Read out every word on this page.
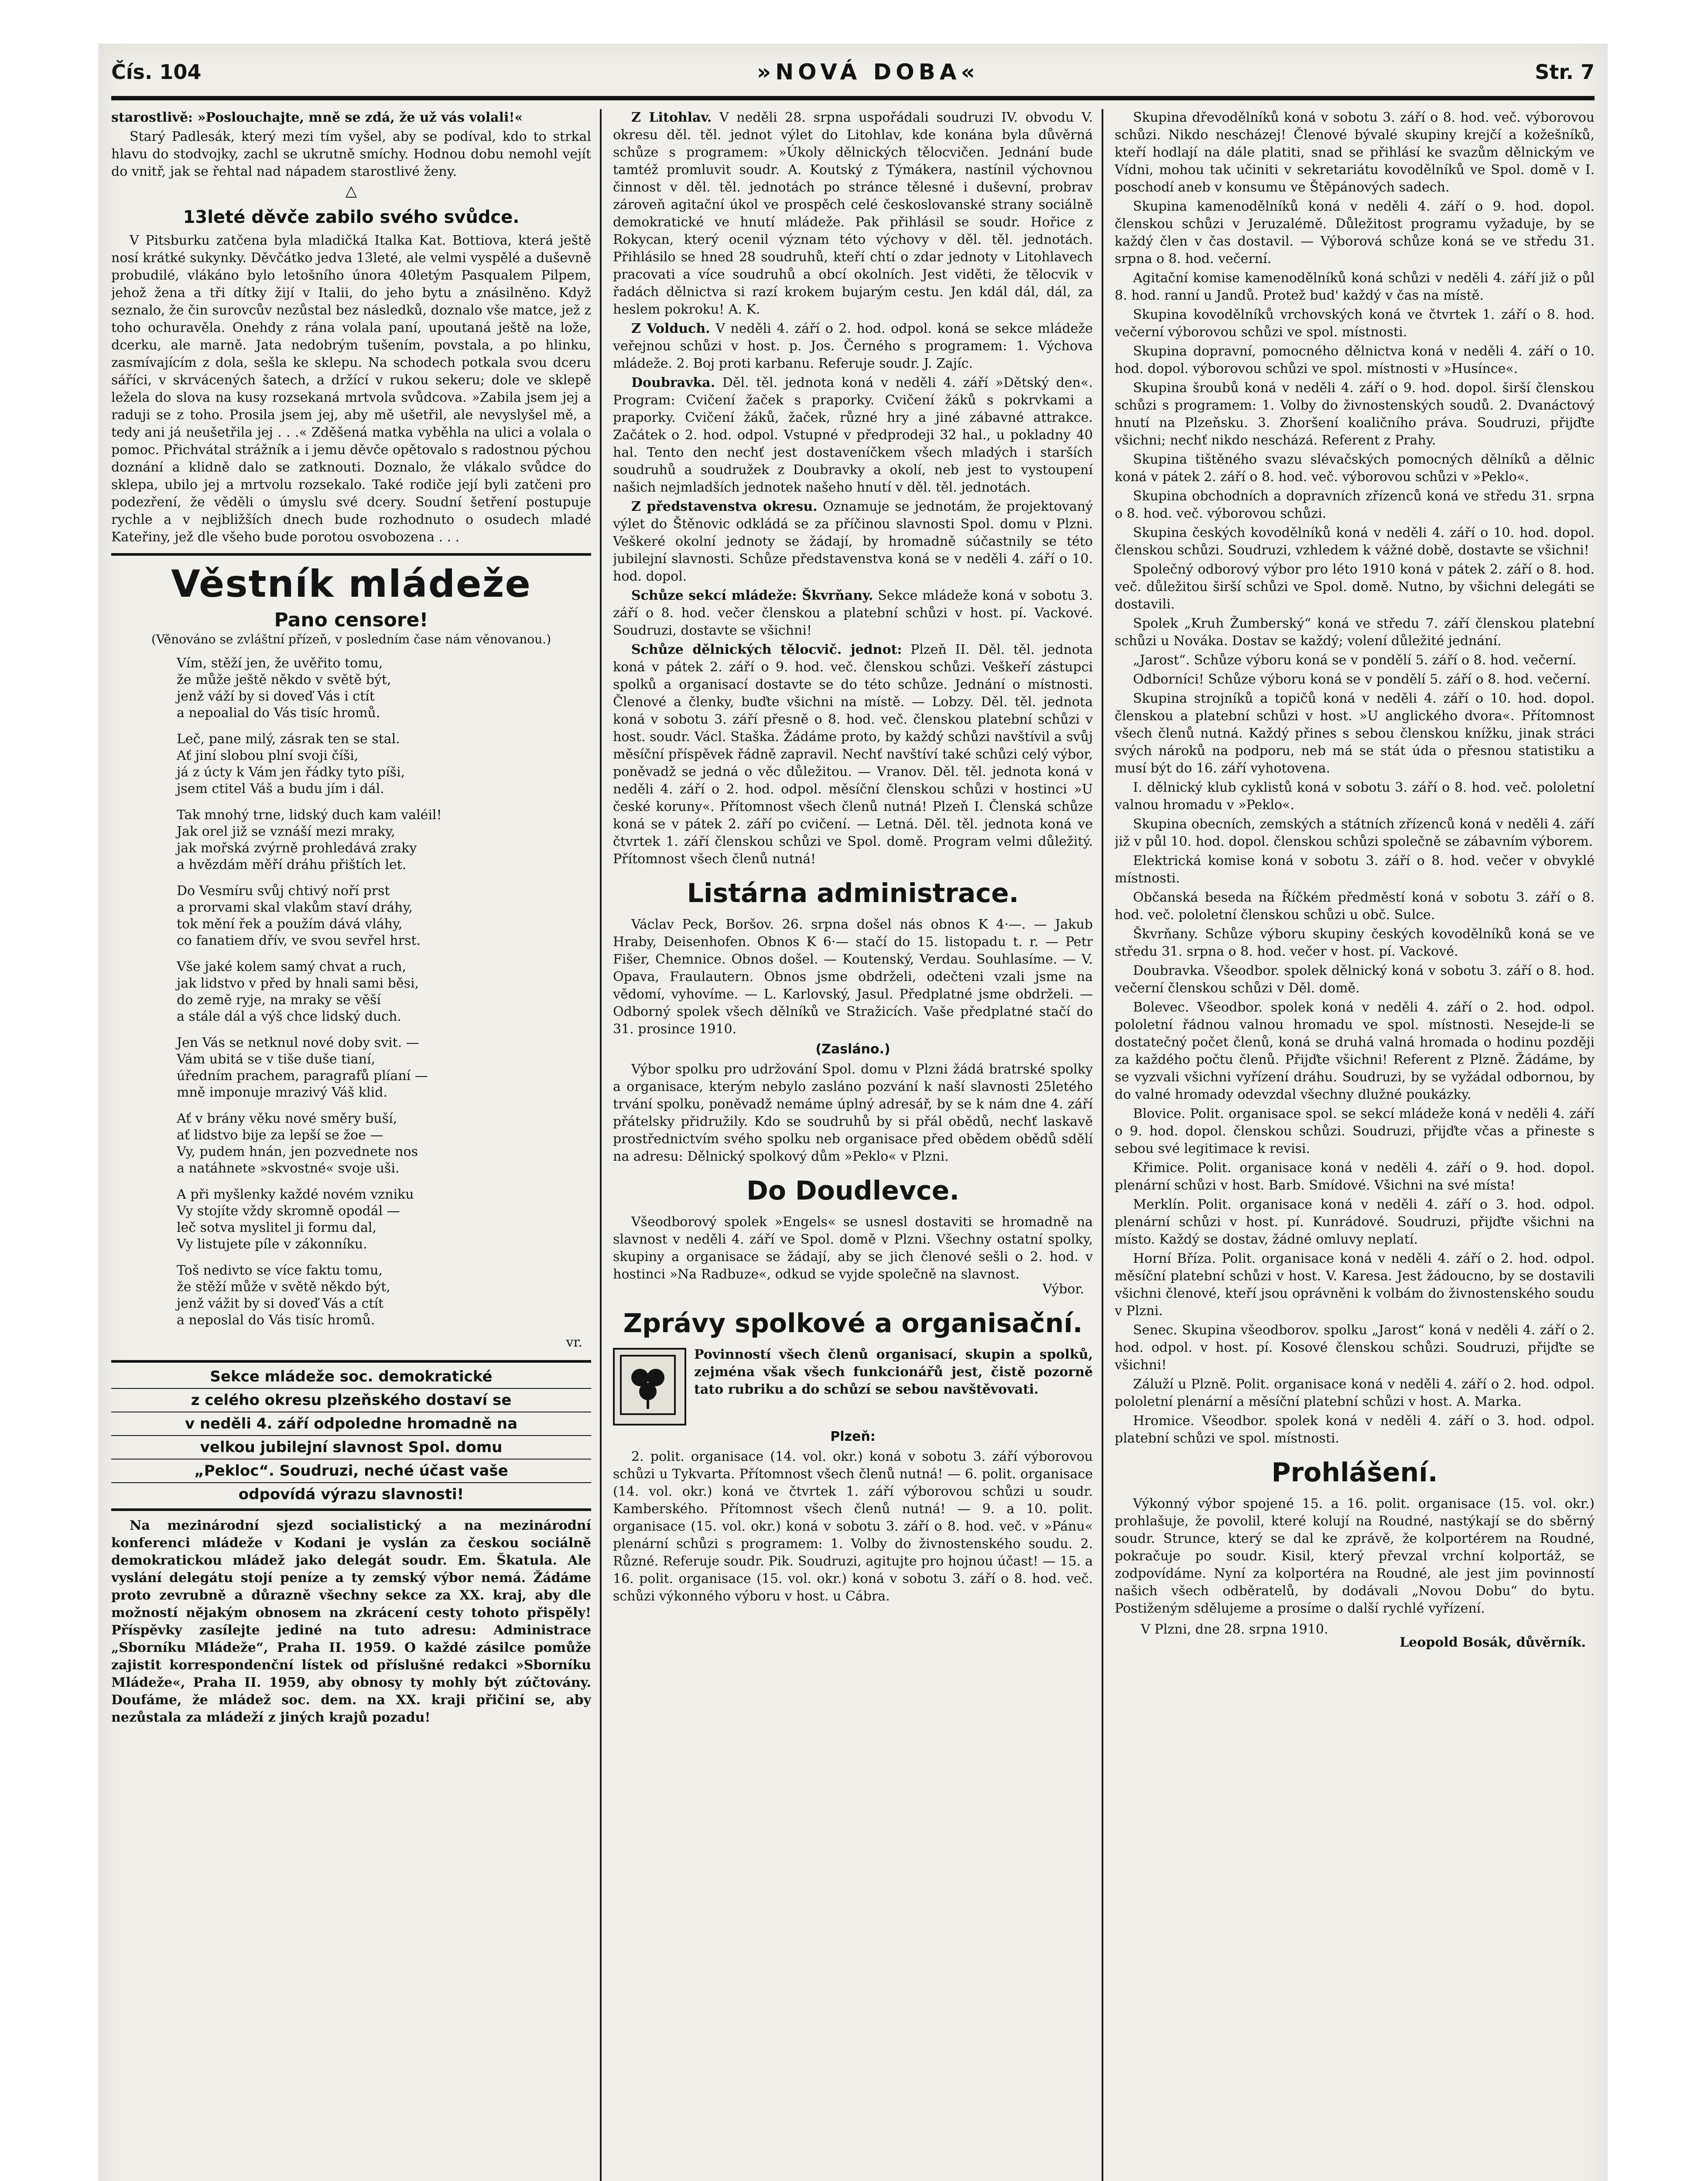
Čís. 104	»NOVÁ DOBA«	Str. 7

starostlivě: »Poslouchajte, mně se zdá, že už vás volali!«

Starý Padlesák, který mezi tím vyšel, aby se podíval, kdo to strkal hlavu do stodvojky, zachl se ukrutně smíchy. Hodnou dobu nemohl vejít do vnitř, jak se řehtal nad nápadem starostlivé ženy.

△
13leté děvče zabilo svého svůdce.

V Pitsburku zatčena byla mladičká Italka Kat. Bottiova, která ještě nosí krátké sukynky. Děvčátko jedva 13leté, ale velmi vyspělé a duševně probudilé, vlákáno bylo letošního února 40letým Pasqualem Pilpem, jehož žena a tři dítky žijí v Italii, do jeho bytu a znásilněno. Když seznalo, že čin surovcův nezůstal bez následků, doznalo vše matce, jež z toho ochuravěla. Onehdy z rána volala paní, upoutaná ještě na lože, dcerku, ale marně. Jata nedobrým tušením, povstala, a po hlinku, zasmívajícím z dola, sešla ke sklepu. Na schodech potkala svou dceru sáříci, v skrvácených šatech, a držící v rukou sekeru; dole ve sklepě ležela do slova na kusy rozsekaná mrtvola svůdcova. »Zabila jsem jej a raduji se z toho. Prosila jsem jej, aby mě ušetřil, ale nevyslyšel mě, a tedy ani já neušetřila jej . . .« Zděšená matka vyběhla na ulici a volala o pomoc. Přichvátal strážník a i jemu děvče opětovalo s radostnou pýchou doznání a klidně dalo se zatknouti. Doznalo, že vlákalo svůdce do sklepa, ubilo jej a mrtvolu rozsekalo. Také rodiče její byli zatčeni pro podezření, že věděli o úmyslu své dcery. Soudní šetření postupuje rychle a v nejbližších dnech bude rozhodnuto o osudech mladé Kateřiny, jež dle všeho bude porotou osvobozena . . .

Věstník mládeže
Pano censore!
(Věnováno se zvláštní přízeň, v posledním čase nám věnovanou.)
Vím, stěží jen, že uvěřito tomu,
že může ještě někdo v světě být,
jenž váží by si doveď Vás i ctít
a nepoalial do Vás tisíc hromů.
Leč, pane milý, zásrak ten se stal.
Ať jiní slobou plní svoji číši,
já z úcty k Vám jen řádky tyto píši,
jsem ctitel Váš a budu jím i dál.
Tak mnohý trne, lidský duch kam valéil!
Jak orel již se vznáší mezi mraky,
jak mořská zvýrně prohledává zraky
a hvězdám měří dráhu přištích let.
Do Vesmíru svůj chtivý noří prst
a prorvami skal vlakům staví dráhy,
tok mění řek a použím dává vláhy,
co fanatiem dřív, ve svou sevřel hrst.
Vše jaké kolem samý chvat a ruch,
jak lidstvo v před by hnali sami běsi,
do země ryje, na mraky se věší
a stále dál a výš chce lidský duch.
Jen Vás se netknul nové doby svit. —
Vám ubitá se v tiše duše tianí,
úředním prachem, paragrafů plíaní —
mně imponuje mrazivý Váš klid.
Ať v brány věku nové směry buší,
ať lidstvo bije za lepší se žoe —
Vy, pudem hnán, jen pozvednete nos
a natáhnete »skvostné« svoje uši.
A při myšlenky každé novém vzniku
Vy stojíte vždy skromně opodál —
leč sotva myslitel ji formu dal,
Vy listujete píle v zákonníku.
Toš nedivto se více faktu tomu,
že stěží může v světě někdo být,
jenž vážit by si doveď Vás a ctít
a neposlal do Vás tisíc hromů.
vr.
Sekce mládeže soc. demokratické
z celého okresu plzeňského dostaví se
v neděli 4. září odpoledne hromadně na
velkou jubilejní slavnost Spol. domu
„Pekloc“. Soudruzi, neché účast vaše
odpovídá výrazu slavnosti!

Na mezinárodní sjezd socialistický a na mezinárodní konferenci mládeže v Kodani je vyslán za českou sociálně demokratickou mládež jako delegát soudr. Em. Škatula. Ale vyslání delegátu stojí peníze a ty zemský výbor nemá. Žádáme proto zevrubně a důrazně všechny sekce za XX. kraj, aby dle možností nějakým obnosem na zkrácení cesty tohoto přispěly! Příspěvky zasílejte jediné na tuto adresu: Administrace „Sborníku Mládeže“, Praha II. 1959. O každé zásilce pomůže zajistit korrespondenční lístek od příslušné redakci »Sborníku Mládeže«, Praha II. 1959, aby obnosy ty mohly být zúčtovány. Doufáme, že mládež soc. dem. na XX. kraji přičiní se, aby nezůstala za mládeží z jiných krajů pozadu!

Z Litohlav. V neděli 28. srpna uspořádali soudruzi IV. obvodu V. okresu děl. těl. jednot výlet do Litohlav, kde konána byla důvěrná schůze s programem: »Úkoly dělnických tělocvičen. Jednání bude tamtéž promluvit soudr. A. Koutský z Týmákera, nastínil výchovnou činnost v děl. těl. jednotách po stránce tělesné i duševní, probrav zároveň agitační úkol ve prospěch celé českoslovanské strany sociálně demokratické ve hnutí mládeže. Pak přihlásil se soudr. Hořice z Rokycan, který ocenil význam této výchovy v děl. těl. jednotách. Přihlásilo se hned 28 soudruhů, kteří chtí o zdar jednoty v Litohlavech pracovati a více soudruhů a obcí okolních. Jest viděti, že tělocvik v řadách dělnictva si razí krokem bujarým cestu. Jen kdál dál, dál, za heslem pokroku! A. K.

Z Volduch. V neděli 4. září o 2. hod. odpol. koná se sekce mládeže veřejnou schůzi v host. p. Jos. Černého s programem: 1. Výchova mládeže. 2. Boj proti karbanu. Referuje soudr. J. Zajíc.

Doubravka. Děl. těl. jednota koná v neděli 4. září »Dětský den«. Program: Cvičení žaček s praporky. Cvičení žáků s pokrvkami a praporky. Cvičení žáků, žaček, různé hry a jiné zábavné attrakce. Začátek o 2. hod. odpol. Vstupné v předprodeji 32 hal., u pokladny 40 hal. Tento den nechť jest dostaveníčkem všech mladých i starších soudruhů a soudružek z Doubravky a okolí, neb jest to vystoupení našich nejmladších jednotek našeho hnutí v děl. těl. jednotách.

Z představenstva okresu. Oznamuje se jednotám, že projektovaný výlet do Štěnovic odkládá se za příčinou slavnosti Spol. domu v Plzni. Veškeré okolní jednoty se žádají, by hromadně súčastnily se této jubilejní slavnosti. Schůze představenstva koná se v neděli 4. září o 10. hod. dopol.

Schůze sekcí mládeže: Škvrňany. Sekce mládeže koná v sobotu 3. září o 8. hod. večer členskou a platební schůzi v host. pí. Vackové. Soudruzi, dostavte se všichni!

Schůze dělnických tělocvič. jednot: Plzeň II. Děl. těl. jednota koná v pátek 2. září o 9. hod. več. členskou schůzi. Veškeří zástupci spolků a organisací dostavte se do této schůze. Jednání o místnosti. Členové a členky, buďte všichni na místě. — Lobzy. Děl. těl. jednota koná v sobotu 3. září přesně o 8. hod. več. členskou platební schůzi v host. soudr. Václ. Staška. Žádáme proto, by každý schůzi navštívil a svůj měsíční příspěvek řádně zapravil. Nechť navštíví také schůzi celý výbor, poněvadž se jedná o věc důležitou. — Vranov. Děl. těl. jednota koná v neděli 4. září o 2. hod. odpol. měsíční členskou schůzi v hostinci »U české koruny«. Přítomnost všech členů nutná! Plzeň I. Členská schůze koná se v pátek 2. září po cvičení. — Letná. Děl. těl. jednota koná ve čtvrtek 1. září členskou schůzi ve Spol. domě. Program velmi důležitý. Přítomnost všech členů nutná!

Listárna administrace.

Václav Peck, Boršov. 26. srpna došel nás obnos K 4·—. — Jakub Hraby, Deisenhofen. Obnos K 6·— stačí do 15. listopadu t. r. — Petr Fišer, Chemnice. Obnos došel. — Koutenský, Verdau. Souhlasíme. — V. Opava, Fraulautern. Obnos jsme obdrželi, odečteni vzali jsme na vědomí, vyhovíme. — L. Karlovský, Jasul. Předplatné jsme obdrželi. — Odborný spolek všech dělníků ve Stražicích. Vaše předplatné stačí do 31. prosince 1910.

(Zasláno.)

Výbor spolku pro udržování Spol. domu v Plzni žádá bratrské spolky a organisace, kterým nebylo zasláno pozvání k naší slavnosti 25letého trvání spolku, poněvadž nemáme úplný adresář, by se k nám dne 4. září přátelsky přidružily. Kdo se soudruhů by si přál obědů, nechť laskavě prostřednictvím svého spolku neb organisace před obědem obědů sdělí na adresu: Dělnický spolkový dům »Peklo« v Plzni.

Do Doudlevce.

Všeodborový spolek »Engels« se usnesl dostaviti se hromadně na slavnost v neděli 4. září ve Spol. domě v Plzni. Všechny ostatní spolky, skupiny a organisace se žádají, aby se jich členové sešli o 2. hod. v hostinci »Na Radbuze«, odkud se vyjde společně na slavnost.

Výbor.
Zprávy spolkové a organisační.

Povinností všech členů organisací, skupin a spolků, zejména však všech funkcionářů jest, čistě pozorně tato rubriku a do schůzí se sebou navštěvovati.

Plzeň:

2. polit. organisace (14. vol. okr.) koná v sobotu 3. září výborovou schůzi u Tykvarta. Přítomnost všech členů nutná! — 6. polit. organisace (14. vol. okr.) koná ve čtvrtek 1. září výborovou schůzi u soudr. Kamberského. Přítomnost všech členů nutná! — 9. a 10. polit. organisace (15. vol. okr.) koná v sobotu 3. září o 8. hod. več. v »Pánu« plenární schůzi s programem: 1. Volby do živnostenského soudu. 2. Různé. Referuje soudr. Pik. Soudruzi, agitujte pro hojnou účast! — 15. a 16. polit. organisace (15. vol. okr.) koná v sobotu 3. září o 8. hod. več. schůzi výkonného výboru v host. u Cábra.

Skupina dřevodělníků koná v sobotu 3. září o 8. hod. več. výborovou schůzi. Nikdo nescházej! Členové bývalé skupiny krejčí a kožešníků, kteří hodlají na dále platiti, snad se přihlásí ke svazům dělnickým ve Vídni, mohou tak učiniti v sekretariátu kovodělníků ve Spol. domě v I. poschodí aneb v konsumu ve Štěpánových sadech.

Skupina kamenodělníků koná v neděli 4. září o 9. hod. dopol. členskou schůzi v Jeruzalémě. Důležitost programu vyžaduje, by se každý člen v čas dostavil. — Výborová schůze koná se ve středu 31. srpna o 8. hod. večerní.

Agitační komise kamenodělníků koná schůzi v neděli 4. září již o půl 8. hod. ranní u Jandů. Protež bud' každý v čas na místě.

Skupina kovodělníků vrchovských koná ve čtvrtek 1. září o 8. hod. večerní výborovou schůzi ve spol. místnosti.

Skupina dopravní, pomocného dělnictva koná v neděli 4. září o 10. hod. dopol. výborovou schůzi ve spol. místnosti v »Husínce«.

Skupina šroubů koná v neděli 4. září o 9. hod. dopol. širší členskou schůzi s programem: 1. Volby do živnostenských soudů. 2. Dvanáctový hnutí na Plzeňsku. 3. Zhoršení koaličního práva. Soudruzi, přijďte všichni; nechť nikdo nescházá. Referent z Prahy.

Skupina tištěného svazu slévačských pomocných dělníků a dělnic koná v pátek 2. září o 8. hod. več. výborovou schůzi v »Peklo«.

Skupina obchodních a dopravních zřízenců koná ve středu 31. srpna o 8. hod. več. výborovou schůzi.

Skupina českých kovodělníků koná v neděli 4. září o 10. hod. dopol. členskou schůzi. Soudruzi, vzhledem k vážné době, dostavte se všichni!

Společný odborový výbor pro léto 1910 koná v pátek 2. září o 8. hod. več. důležitou širší schůzi ve Spol. domě. Nutno, by všichni delegáti se dostavili.

Spolek „Kruh Žumberský“ koná ve středu 7. září členskou platební schůzi u Nováka. Dostav se každý; volení důležité jednání.

„Jarost“. Schůze výboru koná se v pondělí 5. září o 8. hod. večerní.

Odborníci! Schůze výboru koná se v pondělí 5. září o 8. hod. večerní.

Skupina strojníků a topičů koná v neděli 4. září o 10. hod. dopol. členskou a platební schůzi v host. »U anglického dvora«. Přítomnost všech členů nutná. Každý přines s sebou členskou knížku, jinak stráci svých nároků na podporu, neb má se stát úda o přesnou statistiku a musí být do 16. září vyhotovena.

I. dělnický klub cyklistů koná v sobotu 3. září o 8. hod. več. pololetní valnou hromadu v »Peklo«.

Skupina obecních, zemských a státních zřízenců koná v neděli 4. září již v půl 10. hod. dopol. členskou schůzi společně se zábavním výborem.

Elektrická komise koná v sobotu 3. září o 8. hod. večer v obvyklé místnosti.

Občanská beseda na Říčkém předměstí koná v sobotu 3. září o 8. hod. več. pololetní členskou schůzi u obč. Sulce.

Škvrňany. Schůze výboru skupiny českých kovodělníků koná se ve středu 31. srpna o 8. hod. večer v host. pí. Vackové.

Doubravka. Všeodbor. spolek dělnický koná v sobotu 3. září o 8. hod. večerní členskou schůzi v Děl. domě.

Bolevec. Všeodbor. spolek koná v neděli 4. září o 2. hod. odpol. pololetní řádnou valnou hromadu ve spol. místnosti. Nesejde-li se dostatečný počet členů, koná se druhá valná hromada o hodinu později za každého počtu členů. Přijďte všichni! Referent z Plzně. Žádáme, by se vyzvali všichni vyřízení dráhu. Soudruzi, by se vyžádal odbornou, by do valné hromady odevzdal všechny dlužné poukázky.

Blovice. Polit. organisace spol. se sekcí mládeže koná v neděli 4. září o 9. hod. dopol. členskou schůzi. Soudruzi, přijďte včas a přineste s sebou své legitimace k revisi.

Křimice. Polit. organisace koná v neděli 4. září o 9. hod. dopol. plenární schůzi v host. Barb. Smídové. Všichni na své místa!

Merklín. Polit. organisace koná v neděli 4. září o 3. hod. odpol. plenární schůzi v host. pí. Kunrádové. Soudruzi, přijďte všichni na místo. Každý se dostav, žádné omluvy neplatí.

Horní Bříza. Polit. organisace koná v neděli 4. září o 2. hod. odpol. měsíční platební schůzi v host. V. Karesa. Jest žádoucno, by se dostavili všichni členové, kteří jsou oprávněni k volbám do živnostenského soudu v Plzni.

Senec. Skupina všeodborov. spolku „Jarost“ koná v neděli 4. září o 2. hod. odpol. v host. pí. Kosové členskou schůzi. Soudruzi, přijďte se všichni!

Záluží u Plzně. Polit. organisace koná v neděli 4. září o 2. hod. odpol. pololetní plenární a měsíční platební schůzi v host. A. Marka.

Hromice. Všeodbor. spolek koná v neděli 4. září o 3. hod. odpol. platební schůzi ve spol. místnosti.

Prohlášení.

Výkonný výbor spojené 15. a 16. polit. organisace (15. vol. okr.) prohlašuje, že povolil, které kolují na Roudné, nastýkají se do sběrný soudr. Strunce, který se dal ke zprávě, že kolportérem na Roudné, pokračuje po soudr. Kisil, který převzal vrchní kolportáž, se zodpovídáme. Nyní za kolportéra na Roudné, ale jest jim povinností našich všech odběratelů, by dodávali „Novou Dobu“ do bytu. Postiženým sdělujeme a prosíme o další rychlé vyřízení.

V Plzni, dne 28. srpna 1910.
Leopold Bosák, důvěrník.
